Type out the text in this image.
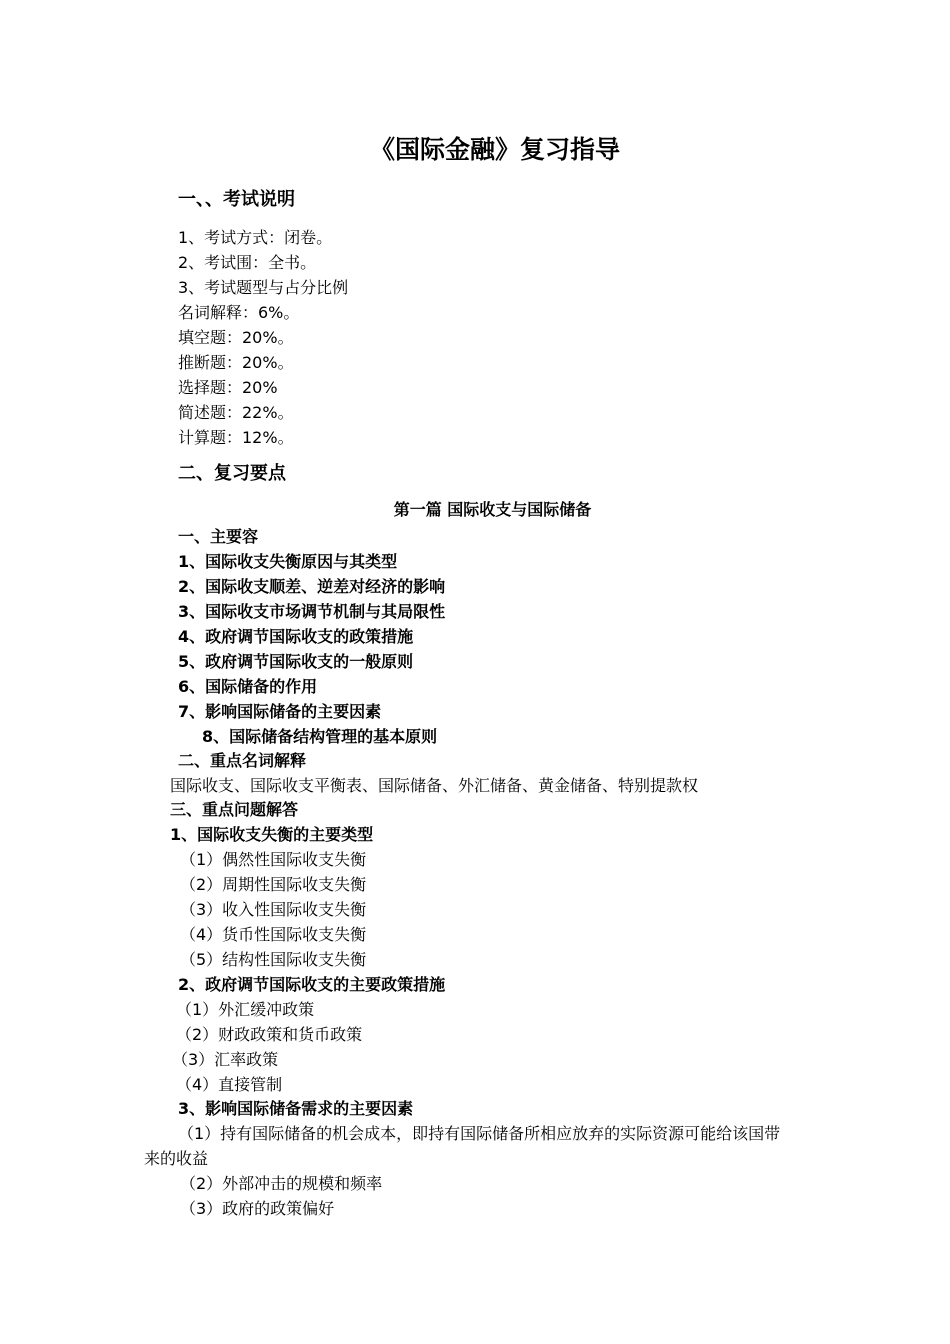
《国际金融》复习指导
一、、考试说明
1、考试方式：闭卷。
2、考试围：全书。
3、考试题型与占分比例
名词解释：6%。
填空题：20%。
推断题：20%。
选择题：20%
简述题：22%。
计算题：12%。
二、复习要点
第一篇 国际收支与国际储备
一、主要容
1、国际收支失衡原因与其类型
2、国际收支顺差、逆差对经济的影响
3、国际收支市场调节机制与其局限性
4、政府调节国际收支的政策措施
5、政府调节国际收支的一般原则
6、国际储备的作用
7、影响国际储备的主要因素
8、国际储备结构管理的基本原则
二、重点名词解释
国际收支、国际收支平衡表、国际储备、外汇储备、黄金储备、特别提款权
三、重点问题解答
1、国际收支失衡的主要类型
（1）偶然性国际收支失衡
（2）周期性国际收支失衡
（3）收入性国际收支失衡
（4）货币性国际收支失衡
（5）结构性国际收支失衡
2、政府调节国际收支的主要政策措施
（1）外汇缓冲政策
（2）财政政策和货币政策
（3）汇率政策
（4）直接管制
3、影响国际储备需求的主要因素
（1）持有国际储备的机会成本，即持有国际储备所相应放弃的实际资源可能给该国带
来的收益
（2）外部冲击的规模和频率
（3）政府的政策偏好
